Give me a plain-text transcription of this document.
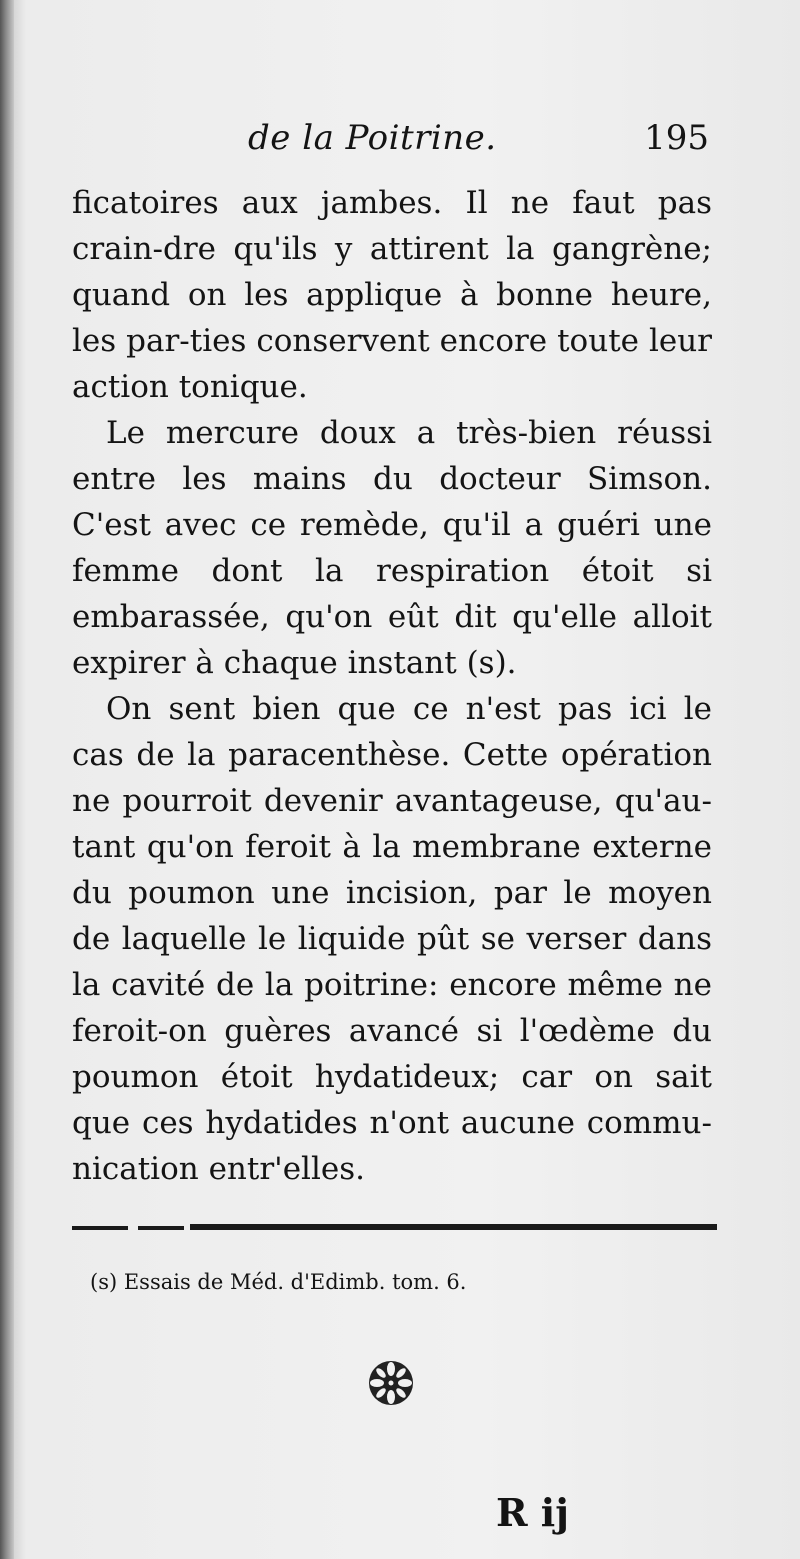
de la Poitrine.	195

ficatoires aux jambes. Il ne faut pas crain-dre qu'ils y attirent la gangrène; quand on les applique à bonne heure, les par-ties conservent encore toute leur action tonique.

Le mercure doux a très-bien réussi entre les mains du docteur Simson. C'est avec ce remède, qu'il a guéri une femme dont la respiration étoit si embarassée, qu'on eût dit qu'elle alloit expirer à chaque instant (s).

On sent bien que ce n'est pas ici le cas de la paracenthèse. Cette opération ne pourroit devenir avantageuse, qu'au-tant qu'on feroit à la membrane externe du poumon une incision, par le moyen de laquelle le liquide pût se verser dans la cavité de la poitrine: encore même ne feroit-on guères avancé si l'œdème du poumon étoit hydatideux; car on sait que ces hydatides n'ont aucune commu-nication entr'elles.

(s) Essais de Méd. d'Edimb. tom. 6.
R ij
